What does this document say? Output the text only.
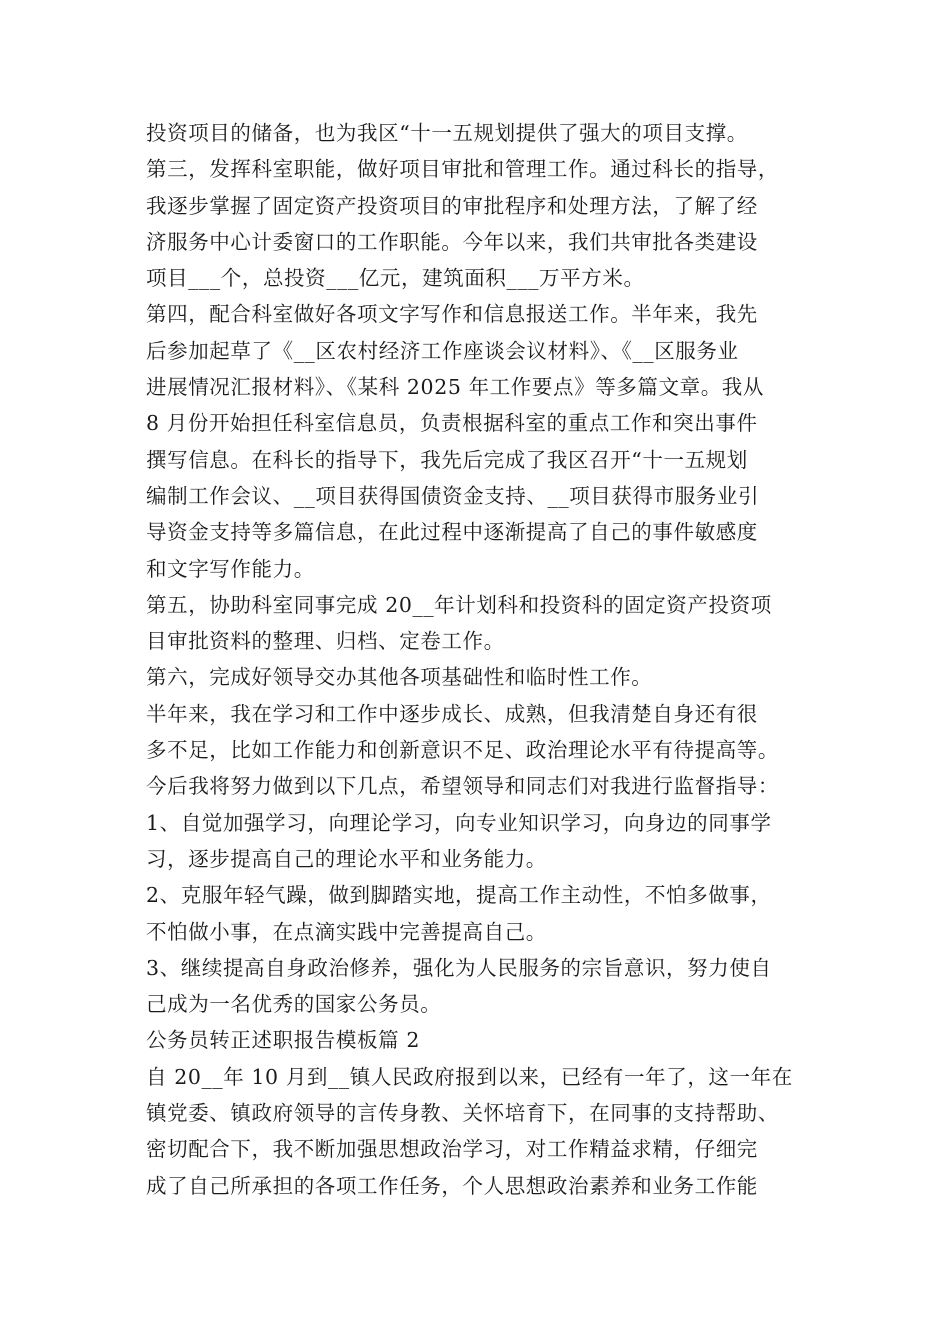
投资项目的储备，也为我区“十一五规划提供了强大的项目支撑。
第三，发挥科室职能，做好项目审批和管理工作。通过科长的指导，
我逐步掌握了固定资产投资项目的审批程序和处理方法，了解了经
济服务中心计委窗口的工作职能。今年以来，我们共审批各类建设
项目___个，总投资___亿元，建筑面积___万平方米。
第四，配合科室做好各项文字写作和信息报送工作。半年来，我先
后参加起草了《__区农村经济工作座谈会议材料》、《__区服务业
进展情况汇报材料》、《某科 2025 年工作要点》等多篇文章。我从
8 月份开始担任科室信息员，负责根据科室的重点工作和突出事件
撰写信息。在科长的指导下，我先后完成了我区召开“十一五规划
编制工作会议、__项目获得国债资金支持、__项目获得市服务业引
导资金支持等多篇信息，在此过程中逐渐提高了自己的事件敏感度
和文字写作能力。
第五，协助科室同事完成 20__年计划科和投资科的固定资产投资项
目审批资料的整理、归档、定卷工作。
第六，完成好领导交办其他各项基础性和临时性工作。
半年来，我在学习和工作中逐步成长、成熟，但我清楚自身还有很
多不足，比如工作能力和创新意识不足、政治理论水平有待提高等。
今后我将努力做到以下几点，希望领导和同志们对我进行监督指导：
1、自觉加强学习，向理论学习，向专业知识学习，向身边的同事学
习，逐步提高自己的理论水平和业务能力。
2、克服年轻气躁，做到脚踏实地，提高工作主动性，不怕多做事，
不怕做小事，在点滴实践中完善提高自己。
3、继续提高自身政治修养，强化为人民服务的宗旨意识，努力使自
己成为一名优秀的国家公务员。
公务员转正述职报告模板篇 2
自 20__年 10 月到__镇人民政府报到以来，已经有一年了，这一年在
镇党委、镇政府领导的言传身教、关怀培育下，在同事的支持帮助、
密切配合下，我不断加强思想政治学习，对工作精益求精，仔细完
成了自己所承担的各项工作任务，个人思想政治素养和业务工作能
